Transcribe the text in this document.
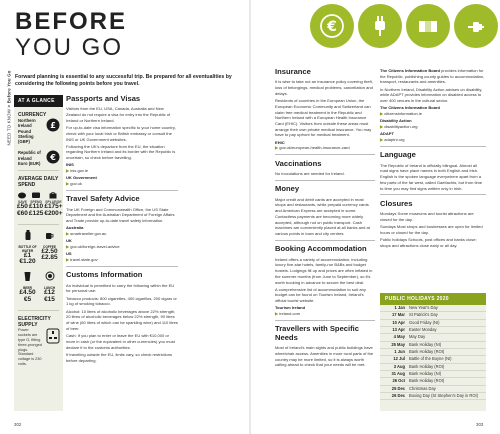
NEED TO KNOW > Before You Go
BEFORE
YOU GO
€
Forward planning is essential to any successful trip. Be prepared for all eventualities by considering the following points before you travel.
AT A GLANCE
CURRENCY
Northern Ireland Pound Sterling (GBP)
£
Republic of Ireland Euro (EUR)
€
AVERAGE DAILY SPEND
SAVE
£50
€60
SPEND
£110
£125
SPLURGE
£175+
€200+
BOTTLE OF WATER
£1
€1.20
COFFEE
£2.50
£2.85
BEER
£4.50
€5
LUNCH
£12
€15
ELECTRICITY SUPPLY
Power sockets are type G, fitting three-pronged plugs. Standard voltage is 230 volts.
Passports and Visas

Visitors from the EU, USA, Canada, Australia and New Zealand do not require a visa for entry into the Republic of Ireland or Northern Ireland.

For up-to-date visa information specific to your home country, check with your local Irish or British embassy or consult the INIS or UK Government websites.

Following the UK's departure from the EU, the situation regarding Northern Ireland and its border with the Republic is uncertain, so check before travelling.

INIS
▶ inis.gov.ie

UK Government
▶ gov.uk

Travel Safety Advice

The UK Foreign and Commonwealth Office, the US State Department and the Australian Department of Foreign Affairs and Trade provide up-to-date travel safety information.

Australia
▶ smartraveller.gov.au

UK
▶ gov.uk/foreign-travel-advice

US
▶ travel.state.gov

Customs Information

An individual is permitted to carry the following within the EU for personal use:

Tobacco products: 800 cigarettes, 400 cigarillos, 200 cigars or 1 kg of smoking tobacco.

Alcohol: 10 litres of alcoholic beverages above 22% strength, 20 litres of alcoholic beverages below 22% strength, 90 litres of wine (60 litres of which can be sparkling wine) and 110 litres of beer.

Cash: If you plan to enter or leave the EU with €10,000 or more in cash (or the equivalent in other currencies) you must declare it to the customs authorities.

If travelling outside the EU, limits vary, so check restrictions before departing.

Insurance

It is wise to take out an insurance policy covering theft, loss of belongings, medical problems, cancellation and delays.

Residents of countries in the European Union, the European Economic Community and Switzerland can claim free medical treatment in the Republic and Northern Ireland with a European Health Insurance Card (EHIC). Visitors from outside these areas must arrange their own private medical insurance. You may have to pay upfront for medical treatment.

EHIC
▶ gov.uk/european-health-insurance-card

Vaccinations
No inoculations are needed for Ireland.
Money
Major credit and debit cards are accepted in most shops and restaurants, while prepaid currency cards and American Express are accepted in some. Contactless payments are becoming more widely accepted, although not on public transport. Cash machines are conveniently placed at all banks and at various points in town and city centres.
Booking Accommodation

Ireland offers a variety of accommodation, including luxury five-star hotels, family-run B&Bs and budget hostels. Lodgings fill up and prices are often inflated in the summer months (from June to September), so it's worth booking in advance to secure the best deal.

A comprehensive list of accommodation to suit any budget can be found on Tourism Ireland, Ireland's official tourist website.

Tourism Ireland
▶ ireland.com

Travellers with Specific Needs
Most of Ireland's main sights and public buildings have wheelchair access. Amenities in more rural parts of the country may be more limited, so it is always worth calling ahead to check that your needs will be met.

The Citizens Information Board provides information for the Republic, publishing county guides to accommodation, transport, restaurants and amenities.

In Northern Ireland, Disability Action advises on disability, while ADAPT provides information on disabled access to over 400 venues in the cultural sector.

The Citizens Information Board
▶ citizensinformation.ie

Disability Action
▶ disabilityaction.org

ADAPT
▶ adaptni.org

Language
The Republic of Ireland is officially bilingual. Almost all road signs have place names in both English and Irish. English is the spoken language everywhere apart from a few parts of the far west, called Gaeltachts, but from time to time you may find signs written only in Irish.
Closures

Mondays Some museums and tourist attractions are closed for the day.

Sundays Most shops and businesses are open for limited hours or closed for the day.

Public holidays Schools, post offices and banks close; shops and attractions close early or all day.

PUBLIC HOLIDAYS 2020
1 Jan New Year's Day
17 Mar St Patrick's Day
10 Apr Good Friday (NI)
13 Apr Easter Monday
4 May May Day
25 May Bank Holiday (NI)
1 Jun Bank Holiday (ROI)
12 Jul Battle of the Boyne (NI)
3 Aug Bank Holiday (ROI)
31 Aug Bank Holiday (NI)
26 Oct Bank Holiday (ROI)
25 Dec Christmas Day
26 Dec Boxing Day (St Stephen's Day in ROI)
302	303
